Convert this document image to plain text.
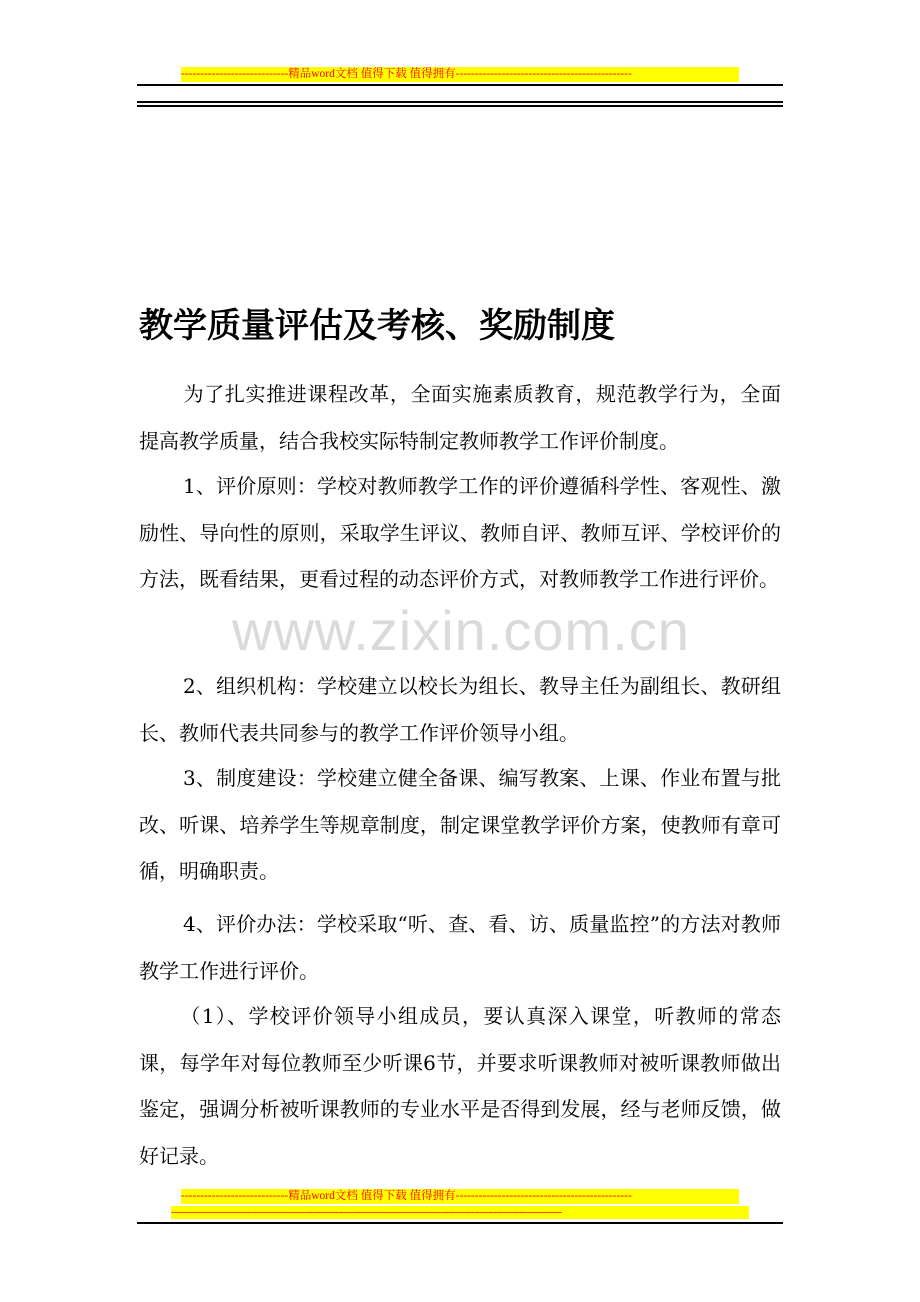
----------------------------精品word文档 值得下载 值得拥有----------------------------------------------
教学质量评估及考核、奖励制度
为了扎实推进课程改革，全面实施素质教育，规范教学行为，全面提高教学质量，结合我校实际特制定教师教学工作评价制度。
1、评价原则：学校对教师教学工作的评价遵循科学性、客观性、激励性、导向性的原则，采取学生评议、教师自评、教师互评、学校评价的方法，既看结果，更看过程的动态评价方式，对教师教学工作进行评价。
2、组织机构：学校建立以校长为组长、教导主任为副组长、教研组长、教师代表共同参与的教学工作评价领导小组。
3、制度建设：学校建立健全备课、编写教案、上课、作业布置与批改、听课、培养学生等规章制度，制定课堂教学评价方案，使教师有章可循，明确职责。
4、评价办法：学校采取“听、查、看、访、质量监控”的方法对教师教学工作进行评价。
（1）、学校评价领导小组成员，要认真深入课堂，听教师的常态课，每学年对每位教师至少听课6节，并要求听课教师对被听课教师做出鉴定，强调分析被听课教师的专业水平是否得到发展，经与老师反馈，做好记录。
www.zixin.com.cn
----------------------------精品word文档 值得下载 值得拥有----------------------------------------------
------------------------------------------------------------------------------------------------------------------------------------------
